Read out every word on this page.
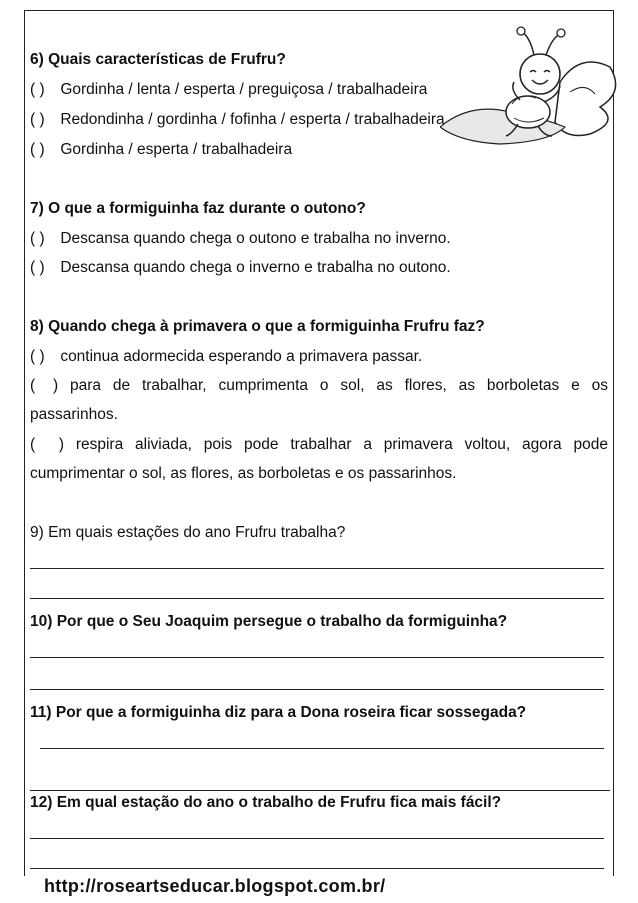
6) Quais características de Frufru?
( ) Gordinha / lenta / esperta / preguiçosa / trabalhadeira
( ) Redondinha / gordinha / fofinha / esperta / trabalhadeira
( ) Gordinha / esperta / trabalhadeira
7) O que a formiguinha faz durante o outono?
( ) Descansa quando chega o outono e trabalha no inverno.
( ) Descansa quando chega o inverno e trabalha no outono.
8) Quando chega à primavera o que a formiguinha Frufru faz?
( ) continua adormecida esperando a primavera passar.
(   )  para  de  trabalhar,  cumprimenta  o  sol,  as  flores,  as  borboletas  e  os
passarinhos.
(    )  respira  aliviada,  pois  pode  trabalhar  a  primavera  voltou,  agora  pode
cumprimentar o sol, as flores, as borboletas e os passarinhos.
9) Em quais estações do ano Frufru trabalha?
10) Por que o Seu Joaquim persegue o trabalho da formiguinha?
11) Por que a formiguinha diz para a Dona roseira ficar sossegada?
12) Em qual estação do ano o trabalho de Frufru fica mais fácil?
http://roseartseducar.blogspot.com.br/
